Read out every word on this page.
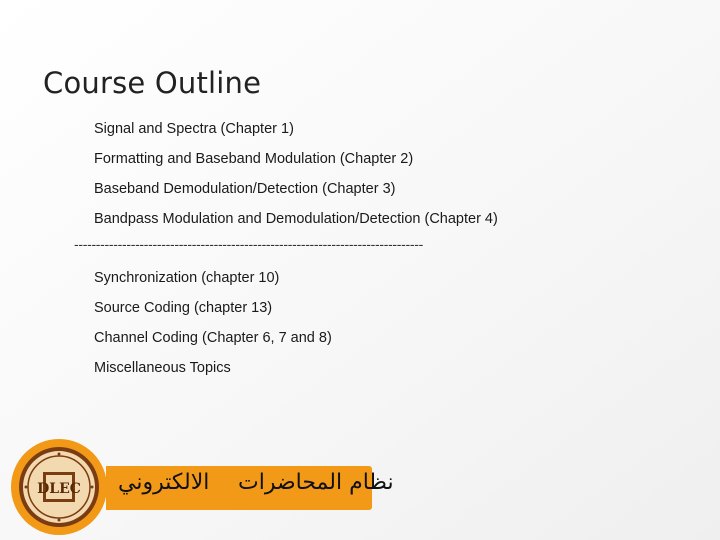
Course Outline
Signal and Spectra (Chapter 1)
Formatting and Baseband Modulation (Chapter 2)
Baseband Demodulation/Detection (Chapter 3)
Bandpass Modulation and Demodulation/Detection (Chapter 4)
--------------------------------------------------------------------------------
Synchronization (chapter 10)
Source Coding (chapter 13)
Channel Coding (Chapter 6, 7 and 8)
Miscellaneous Topics
نظام المحاضرات
الالكتروني
DLEC
